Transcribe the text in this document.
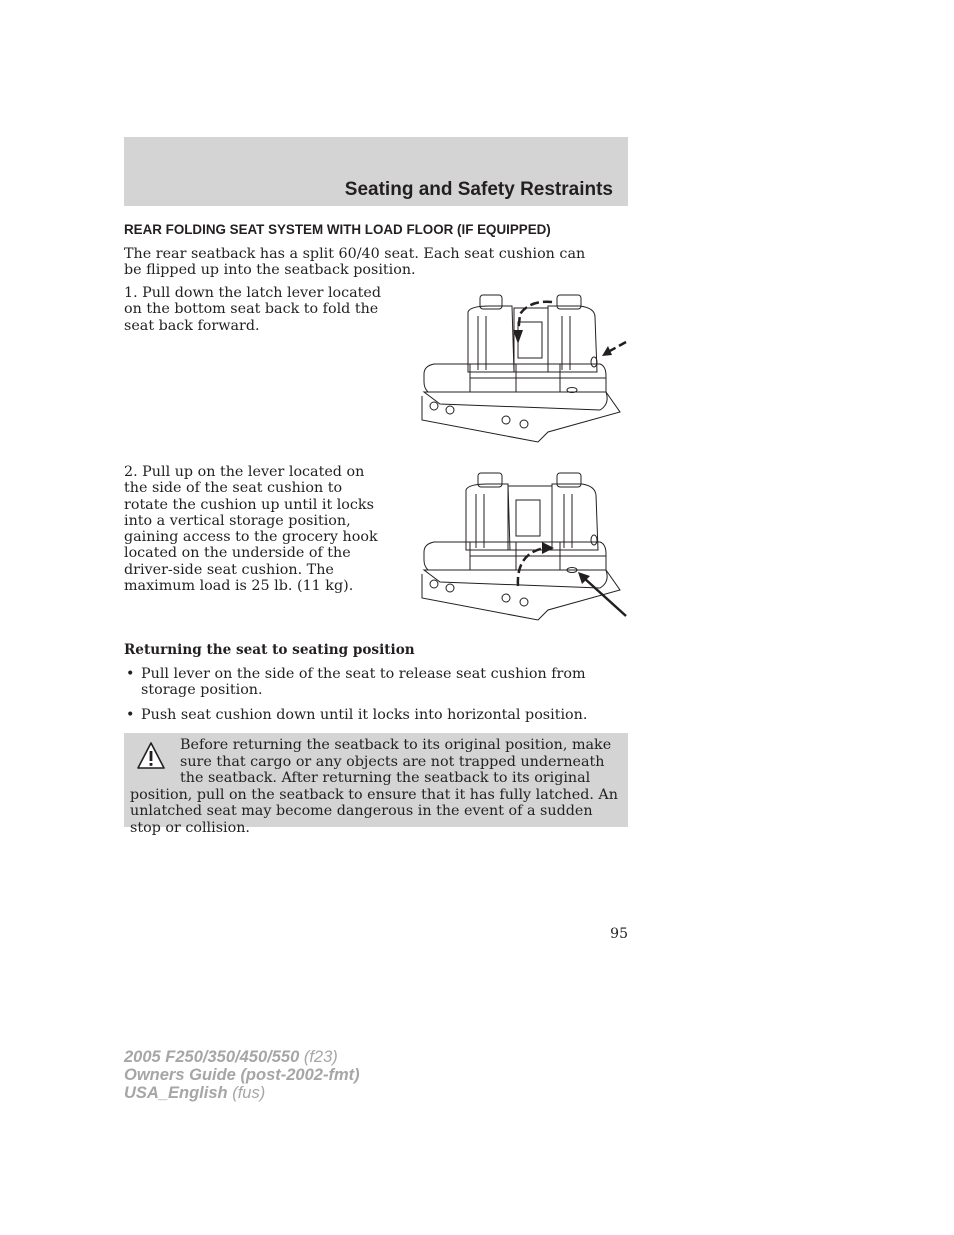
Seating and Safety Restraints
REAR FOLDING SEAT SYSTEM WITH LOAD FLOOR (IF EQUIPPED)

The rear seatback has a split 60/40 seat. Each seat cushion can be flipped up into the seatback position.

1. Pull down the latch lever located on the bottom seat back to fold the seat back forward.

2. Pull up on the lever located on the side of the seat cushion to rotate the cushion up until it locks into a vertical storage position, gaining access to the grocery hook located on the underside of the driver-side seat cushion. The maximum load is 25 lb. (11 kg).

Returning the seat to seating position
• Pull lever on the side of the seat to release seat cushion from storage position.
• Push seat cushion down until it locks into horizontal position.

Before returning the seatback to its original position, make sure that cargo or any objects are not trapped underneath the seatback. After returning the seatback to its original position, pull on the seatback to ensure that it has fully latched. An unlatched seat may become dangerous in the event of a sudden stop or collision.

95

2005 F250/350/450/550 (f23)
Owners Guide (post-2002-fmt)
USA_English (fus)
